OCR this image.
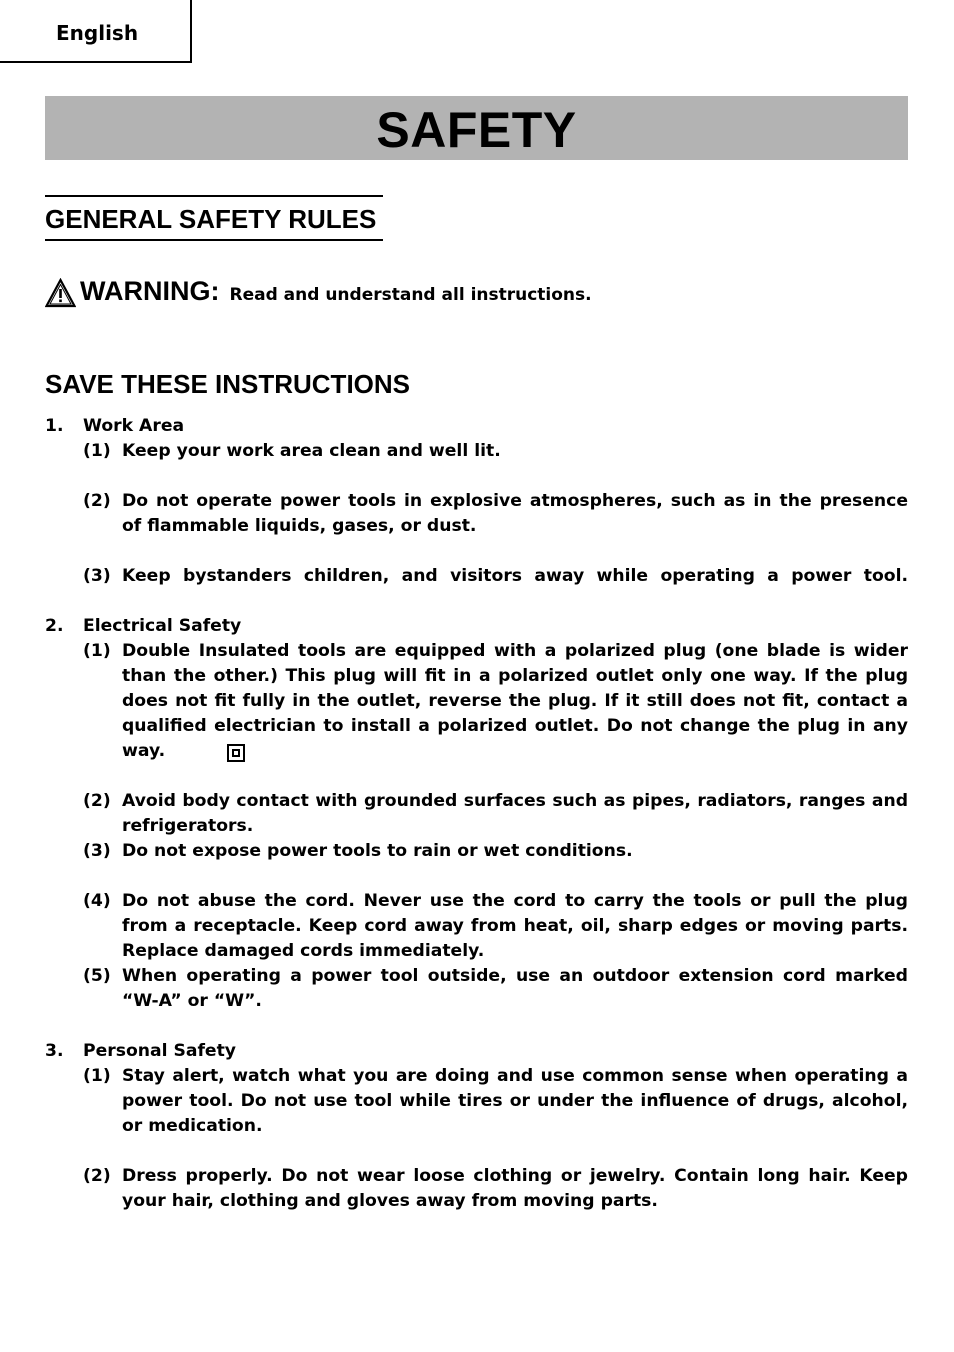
English
SAFETY
GENERAL SAFETY RULES
WARNING: Read and understand all instructions.
SAVE THESE INSTRUCTIONS
1. Work Area
(1) Keep your work area clean and well lit.
(2) Do not operate power tools in explosive atmospheres, such as in the presence of flammable liquids, gases, or dust.
(3) Keep bystanders children, and visitors away while operating a power tool.
2. Electrical Safety
(1) Double Insulated tools are equipped with a polarized plug (one blade is wider than the other.) This plug will fit in a polarized outlet only one way. If the plug does not fit fully in the outlet, reverse the plug. If it still does not fit, contact a qualified electrician to install a polarized outlet. Do not change the plug in any way.
(2) Avoid body contact with grounded surfaces such as pipes, radiators, ranges and refrigerators.
(3) Do not expose power tools to rain or wet conditions.
(4) Do not abuse the cord. Never use the cord to carry the tools or pull the plug from a receptacle. Keep cord away from heat, oil, sharp edges or moving parts. Replace damaged cords immediately.
(5) When operating a power tool outside, use an outdoor extension cord marked “W-A” or “W”.
3. Personal Safety
(1) Stay alert, watch what you are doing and use common sense when operating a power tool. Do not use tool while tires or under the influence of drugs, alcohol, or medication.
(2) Dress properly. Do not wear loose clothing or jewelry. Contain long hair. Keep your hair, clothing and gloves away from moving parts.
